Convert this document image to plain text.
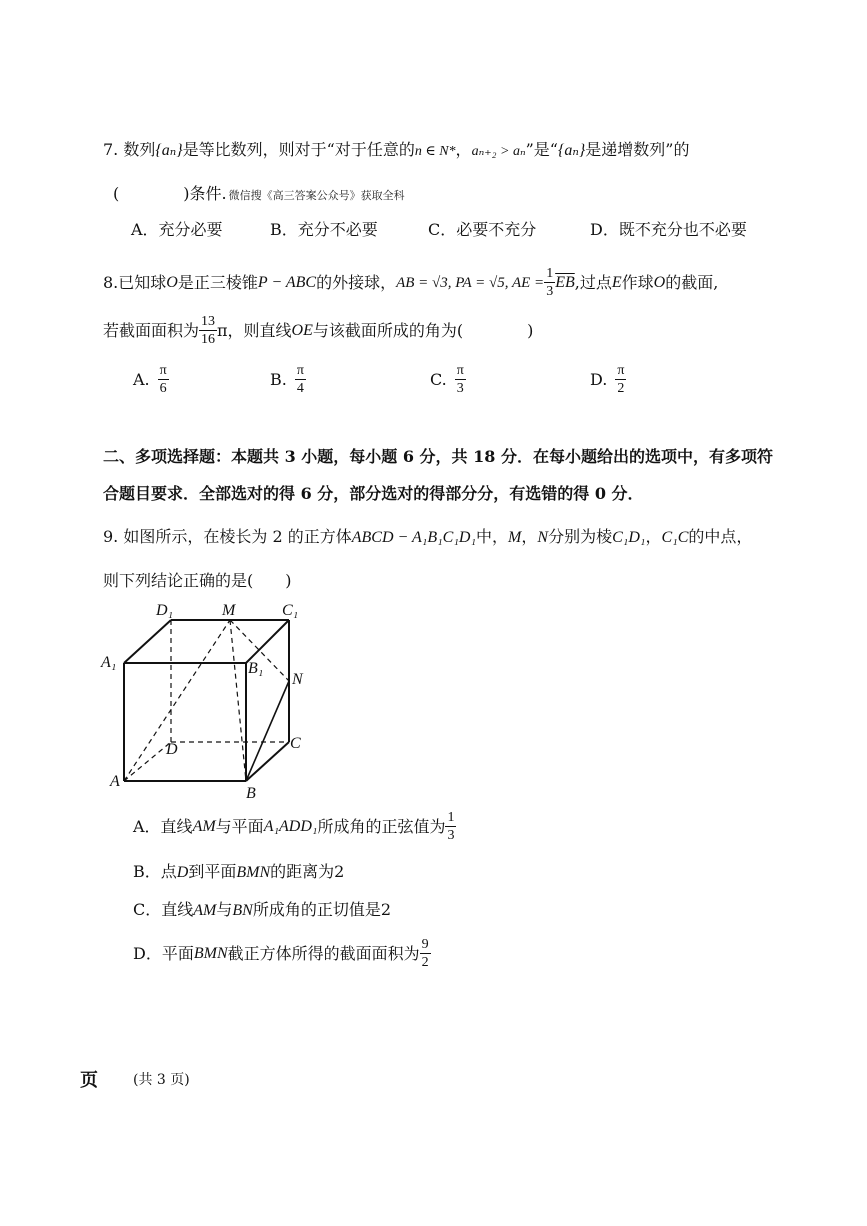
7. 数列{aₙ}是等比数列，则对于“对于任意的n ∈ N*，aₙ₊₂ > aₙ”是“{aₙ}是递增数列”的
(　　　　)条件. 微信搜《高三答案公众号》获取全科
A．充分必要	B．充分不必要	C．必要不充分	D．既不充分也不必要
8. 已知球 O 是正三棱锥 P − ABC 的外接球， AB = √3, PA = √5, AE = $\frac{1}{3} \overline{EB}$ ,过点 E 作球 O 的截面,
若截面面积为 $\frac{13}{16}$ π ，则直线 OE 与该截面所成的角为(　　　　)
A. $\frac{\pi}{6}$	B. $\frac{\pi}{4}$	C. $\frac{\pi}{3}$	D. $\frac{\pi}{2}$
二、多项选择题：本题共 3 小题，每小题 6 分，共 18 分．在每小题给出的选项中，有多项符
合题目要求．全部选对的得 6 分，部分选对的得部分分，有选错的得 0 分．
9. 如图所示，在棱长为 2 的正方体ABCD − A₁B₁C₁D₁中，M，N分别为棱C₁D₁，C₁C的中点，
则下列结论正确的是(　　)
D₁	M	C₁
A₁	B₁
N
D	C
A
B
A．直线 AM 与平面 A₁ADD₁ 所成角的正弦值为 $\frac{1}{3}$
B．点D到平面BMN的距离为2
C．直线AM与BN所成角的正切值是2
D．平面 BMN 截正方体所得的截面面积为 $\frac{9}{2}$
页	(共 3 页)
